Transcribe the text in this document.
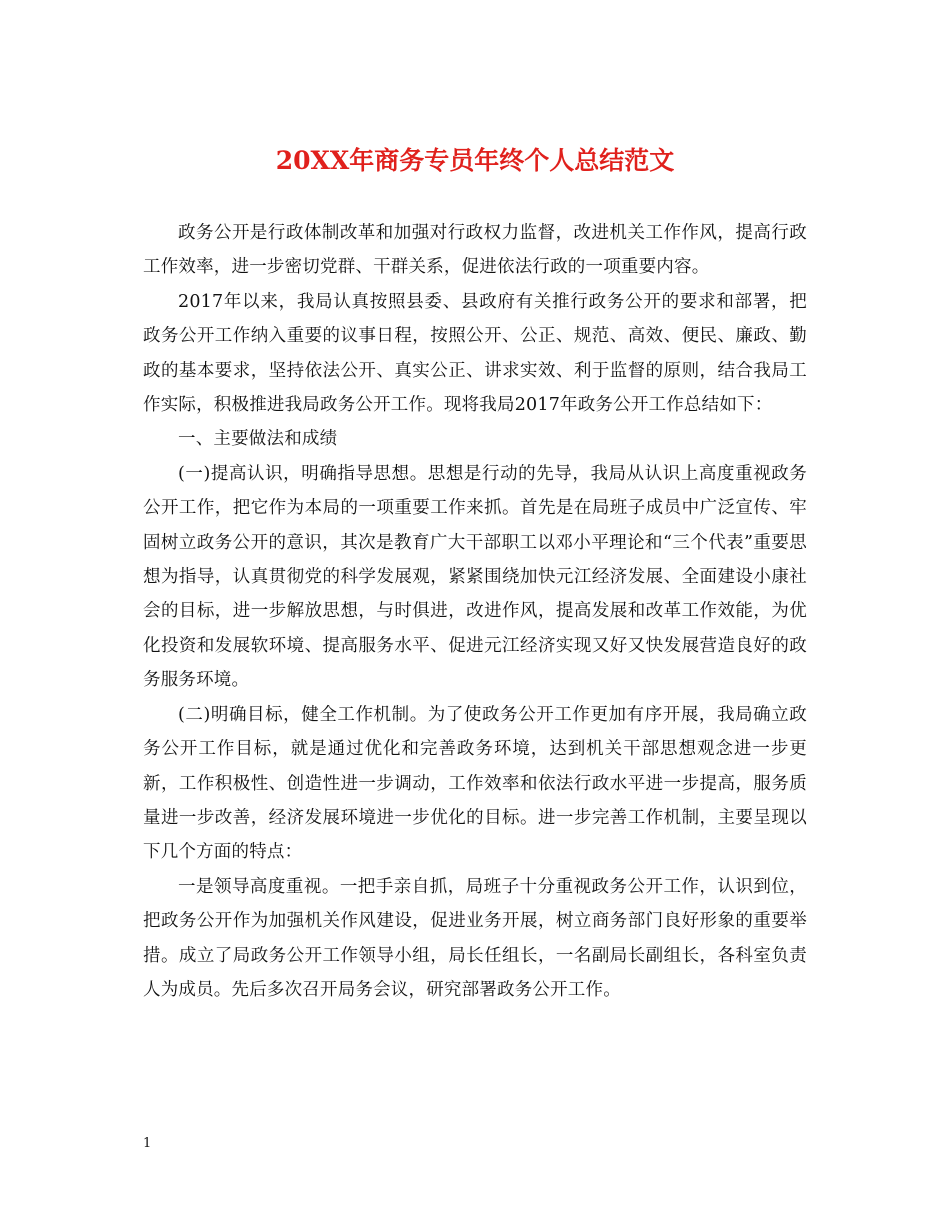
20XX年商务专员年终个人总结范文

政务公开是行政体制改革和加强对行政权力监督，改进机关工作作风，提高行政工作效率，进一步密切党群、干群关系，促进依法行政的一项重要内容。

2017年以来，我局认真按照县委、县政府有关推行政务公开的要求和部署，把政务公开工作纳入重要的议事日程，按照公开、公正、规范、高效、便民、廉政、勤政的基本要求，坚持依法公开、真实公正、讲求实效、利于监督的原则，结合我局工作实际，积极推进我局政务公开工作。现将我局2017年政务公开工作总结如下：

一、主要做法和成绩

(一)提高认识，明确指导思想。思想是行动的先导，我局从认识上高度重视政务公开工作，把它作为本局的一项重要工作来抓。首先是在局班子成员中广泛宣传、牢固树立政务公开的意识，其次是教育广大干部职工以邓小平理论和“三个代表”重要思想为指导，认真贯彻党的科学发展观，紧紧围绕加快元江经济发展、全面建设小康社会的目标，进一步解放思想，与时俱进，改进作风，提高发展和改革工作效能，为优化投资和发展软环境、提高服务水平、促进元江经济实现又好又快发展营造良好的政务服务环境。

(二)明确目标，健全工作机制。为了使政务公开工作更加有序开展，我局确立政务公开工作目标，就是通过优化和完善政务环境，达到机关干部思想观念进一步更新，工作积极性、创造性进一步调动，工作效率和依法行政水平进一步提高，服务质量进一步改善，经济发展环境进一步优化的目标。进一步完善工作机制，主要呈现以下几个方面的特点：

一是领导高度重视。一把手亲自抓，局班子十分重视政务公开工作，认识到位，把政务公开作为加强机关作风建设，促进业务开展，树立商务部门良好形象的重要举措。成立了局政务公开工作领导小组，局长任组长，一名副局长副组长，各科室负责人为成员。先后多次召开局务会议，研究部署政务公开工作。

1
